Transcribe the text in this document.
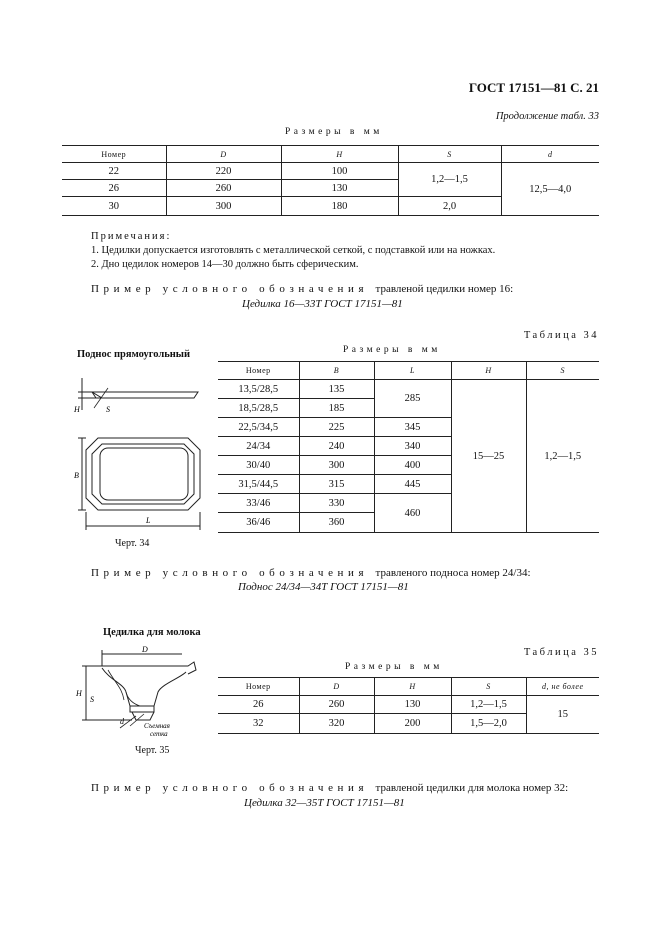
ГОСТ 17151—81 С. 21
Продолжение табл. 33
Размеры в мм
Номер	D	H	S	d
22	220	100	1,2—1,5	12,5—4,0
26	260	130		
30	300	180	2,0	
Примечания:
1. Цедилки допускается изготовлять с металлической сеткой, с подставкой или на ножках.
2. Дно цедилок номеров 14—30 должно быть сферическим.
Пример условного обозначения травленой цедилки номер 16:
Цедилка 16—33Т ГОСТ 17151—81
Таблица 34
Поднос прямоугольный	Размеры в мм
H	S
B
L
Черт. 34
Номер	B	L	H	S
13,5/28,5	135	285	15—25	1,2—1,5
18,5/28,5	185			
22,5/34,5	225	345		
24/34	240	340		
30/40	300	400		
31,5/44,5	315	445		
33/46	330	460		
36/46	360			
Пример условного обозначения травленого подноса номер 24/34:
Поднос 24/34—34Т ГОСТ 17151—81
Цедилка для молока
Таблица 35
Размеры в мм
D
H
S
d	Съемная
сетка
Черт. 35
Номер	D	H	S	d, не более
26	260	130	1,2—1,5	15
32	320	200	1,5—2,0	
Пример условного обозначения травленой цедилки для молока номер 32:
Цедилка 32—35Т ГОСТ 17151—81
